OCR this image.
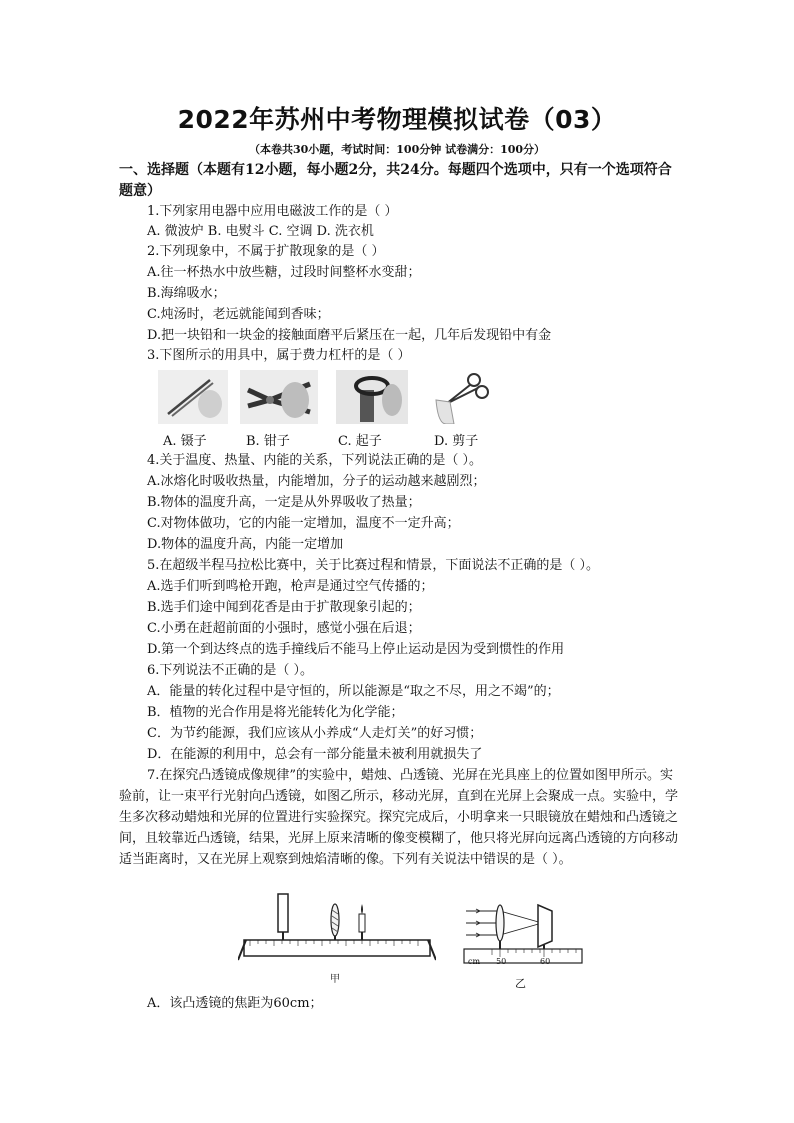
2022年苏州中考物理模拟试卷（03）
（本卷共30小题，考试时间：100分钟 试卷满分：100分）
一、选择题（本题有12小题，每小题2分，共24分。每题四个选项中，只有一个选项符合题意）
1.下列家用电器中应用电磁波工作的是（ ）
A. 微波炉 B. 电熨斗 C. 空调 D. 洗衣机
2.下列现象中，不属于扩散现象的是（ ）
A.往一杯热水中放些糖，过段时间整杯水变甜；
B.海绵吸水；
C.炖汤时，老远就能闻到香味；
D.把一块铅和一块金的接触面磨平后紧压在一起，几年后发现铅中有金
3.下图所示的用具中，属于费力杠杆的是（ ）
A. 镊子	B. 钳子	C. 起子	D. 剪子
4.关于温度、热量、内能的关系，下列说法正确的是（ ）。
A.冰熔化时吸收热量，内能增加，分子的运动越来越剧烈；
B.物体的温度升高，一定是从外界吸收了热量；
C.对物体做功，它的内能一定增加，温度不一定升高；
D.物体的温度升高，内能一定增加
5.在超级半程马拉松比赛中，关于比赛过程和情景，下面说法不正确的是（ ）。
A.选手们听到鸣枪开跑，枪声是通过空气传播的；
B.选手们途中闻到花香是由于扩散现象引起的；
C.小勇在赶超前面的小强时，感觉小强在后退；
D.第一个到达终点的选手撞线后不能马上停止运动是因为受到惯性的作用
6.下列说法不正确的是（ ）。
A．能量的转化过程中是守恒的，所以能源是“取之不尽，用之不竭”的；
B．植物的光合作用是将光能转化为化学能；
C．为节约能源，我们应该从小养成“人走灯关”的好习惯；
D．在能源的利用中，总会有一部分能量未被利用就损失了
7.在探究凸透镜成像规律”的实验中，蜡烛、凸透镜、光屏在光具座上的位置如图甲所示。实验前，让一束平行光射向凸透镜，如图乙所示，移动光屏，直到在光屏上会聚成一点。实验中，学生多次移动蜡烛和光屏的位置进行实验探究。探究完成后，小明拿来一只眼镜放在蜡烛和凸透镜之间，且较靠近凸透镜，结果，光屏上原来清晰的像变模糊了，他只将光屏向远离凸透镜的方向移动适当距离时，又在光屏上观察到烛焰清晰的像。下列有关说法中错误的是（ ）。
甲
cm 50	60
乙
A．该凸透镜的焦距为60cm；
